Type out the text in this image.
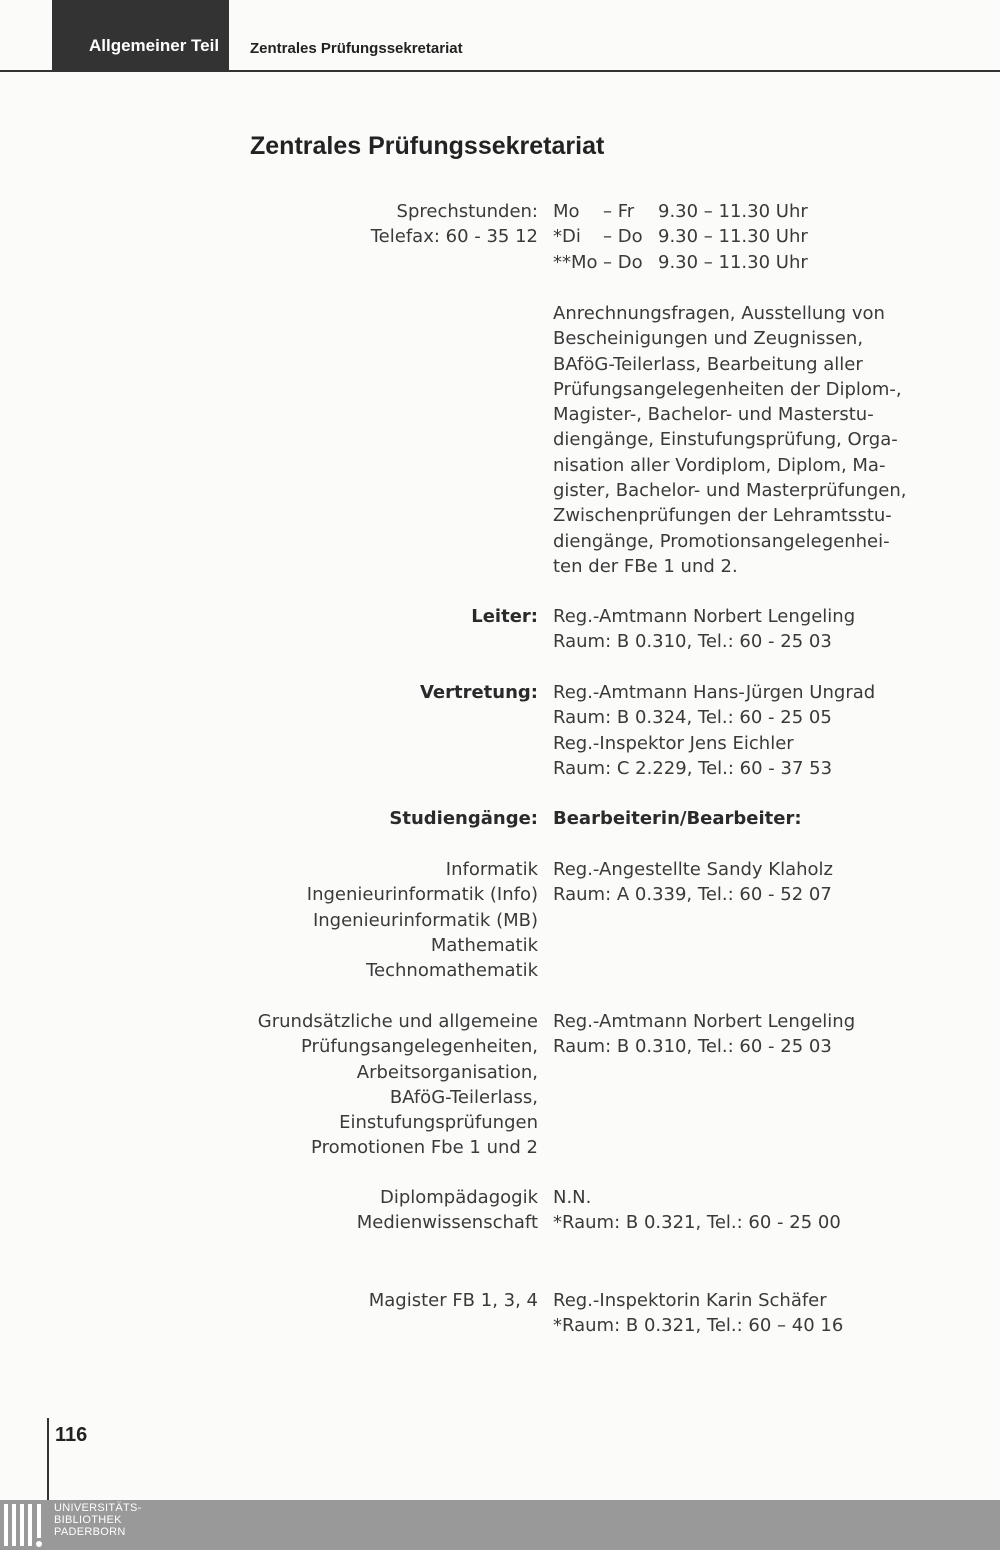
Allgemeiner Teil	Zentrales Prüfungssekretariat
Zentrales Prüfungssekretariat
Sprechstunden:
Telefax: 60 - 35 12
Mo – Fr 9.30 – 11.30 Uhr
*Di – Do 9.30 – 11.30 Uhr
**Mo – Do 9.30 – 11.30 Uhr
Anrechnungsfragen, Ausstellung von
Bescheinigungen und Zeugnissen,
BAföG-Teilerlass, Bearbeitung aller
Prüfungsangelegenheiten der Diplom-,
Magister-, Bachelor- und Masterstu-
diengänge, Einstufungsprüfung, Orga-
nisation aller Vordiplom, Diplom, Ma-
gister, Bachelor- und Masterprüfungen,
Zwischenprüfungen der Lehramtsstu-
diengänge, Promotionsangelegenhei-
ten der FBe 1 und 2.
Leiter: Reg.-Amtmann Norbert Lengeling
Raum: B 0.310, Tel.: 60 - 25 03
Vertretung: Reg.-Amtmann Hans-Jürgen Ungrad
Raum: B 0.324, Tel.: 60 - 25 05
Reg.-Inspektor Jens Eichler
Raum: C 2.229, Tel.: 60 - 37 53
Studiengänge: Bearbeiterin/Bearbeiter:
Informatik
Ingenieurinformatik (Info)
Ingenieurinformatik (MB)
Mathematik
Technomathematik
Reg.-Angestellte Sandy Klaholz
Raum: A 0.339, Tel.: 60 - 52 07
Grundsätzliche und allgemeine
Prüfungsangelegenheiten,
Arbeitsorganisation,
BAföG-Teilerlass,
Einstufungsprüfungen
Promotionen Fbe 1 und 2
Reg.-Amtmann Norbert Lengeling
Raum: B 0.310, Tel.: 60 - 25 03
Diplompädagogik
Medienwissenschaft
N.N.
*Raum: B 0.321, Tel.: 60 - 25 00
Magister FB 1, 3, 4 Reg.-Inspektorin Karin Schäfer
*Raum: B 0.321, Tel.: 60 – 40 16
116
UNIVERSITÄTS-
BIBLIOTHEK
PADERBORN
